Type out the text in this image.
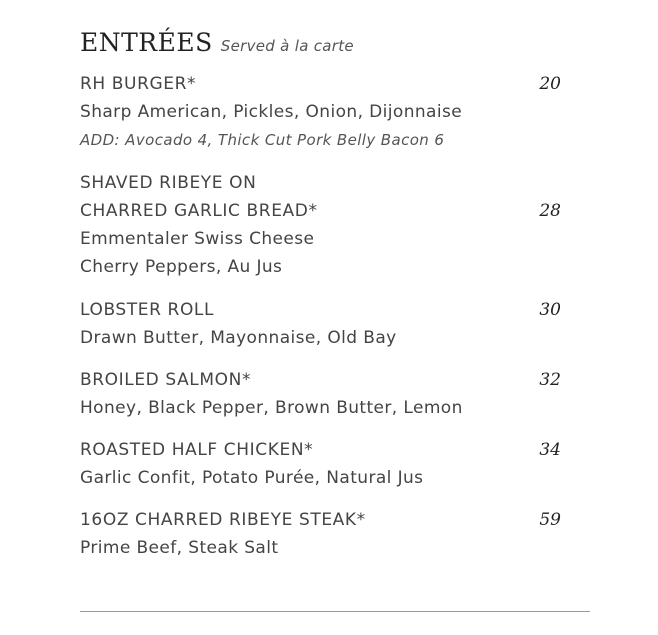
ENTRÉES Served à la carte
RH BURGER*
Sharp American, Pickles, Onion, Dijonnaise
ADD: Avocado 4, Thick Cut Pork Belly Bacon 6
20
SHAVED RIBEYE ON
CHARRED GARLIC BREAD*
Emmentaler Swiss Cheese
Cherry Peppers, Au Jus
28
LOBSTER ROLL
Drawn Butter, Mayonnaise, Old Bay
30
BROILED SALMON*
Honey, Black Pepper, Brown Butter, Lemon
32
ROASTED HALF CHICKEN*
Garlic Confit, Potato Purée, Natural Jus
34
16OZ CHARRED RIBEYE STEAK*
Prime Beef, Steak Salt
59
